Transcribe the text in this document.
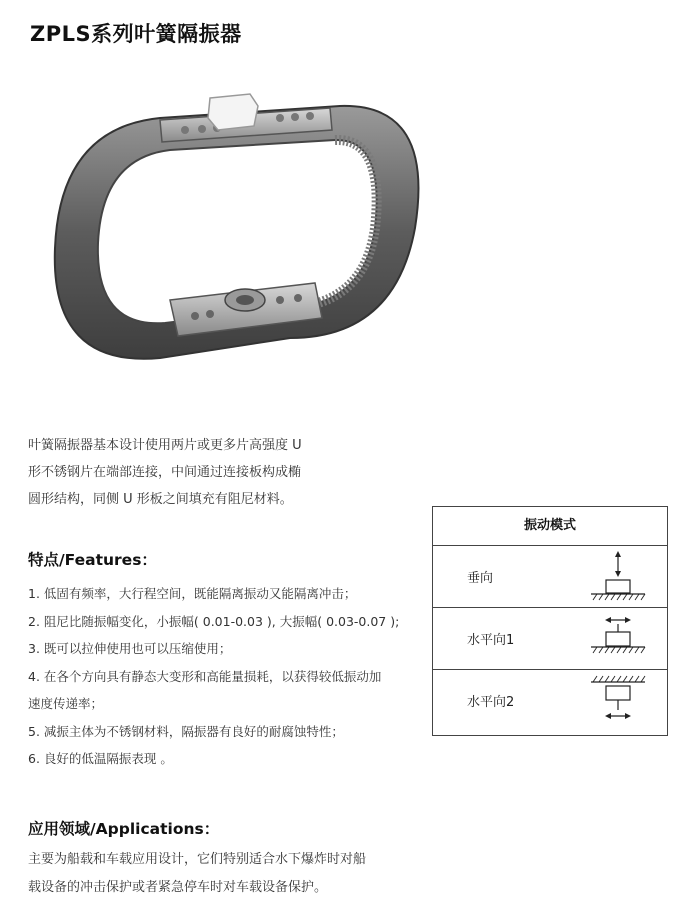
ZPLS系列叶簧隔振器
叶簧隔振器基本设计使用两片或更多片高强度 U
形不锈钢片在端部连接，中间通过连接板构成椭
圆形结构，同侧 U 形板之间填充有阻尼材料。
特点/Features：
1. 低固有频率，大行程空间，既能隔离振动又能隔离冲击；
2. 阻尼比随振幅变化，小振幅( 0.01-0.03 ), 大振幅( 0.03-0.07 );
3. 既可以拉伸使用也可以压缩使用；
4. 在各个方向具有静态大变形和高能量损耗，以获得较低振动加
速度传递率；
5. 减振主体为不锈钢材料，隔振器有良好的耐腐蚀特性；
6. 良好的低温隔振表现 。
应用领域/Applications：
主要为船载和车载应用设计，它们特别适合水下爆炸时对船
载设备的冲击保护或者紧急停车时对车载设备保护。
振动模式
垂向
水平向1
水平向2
